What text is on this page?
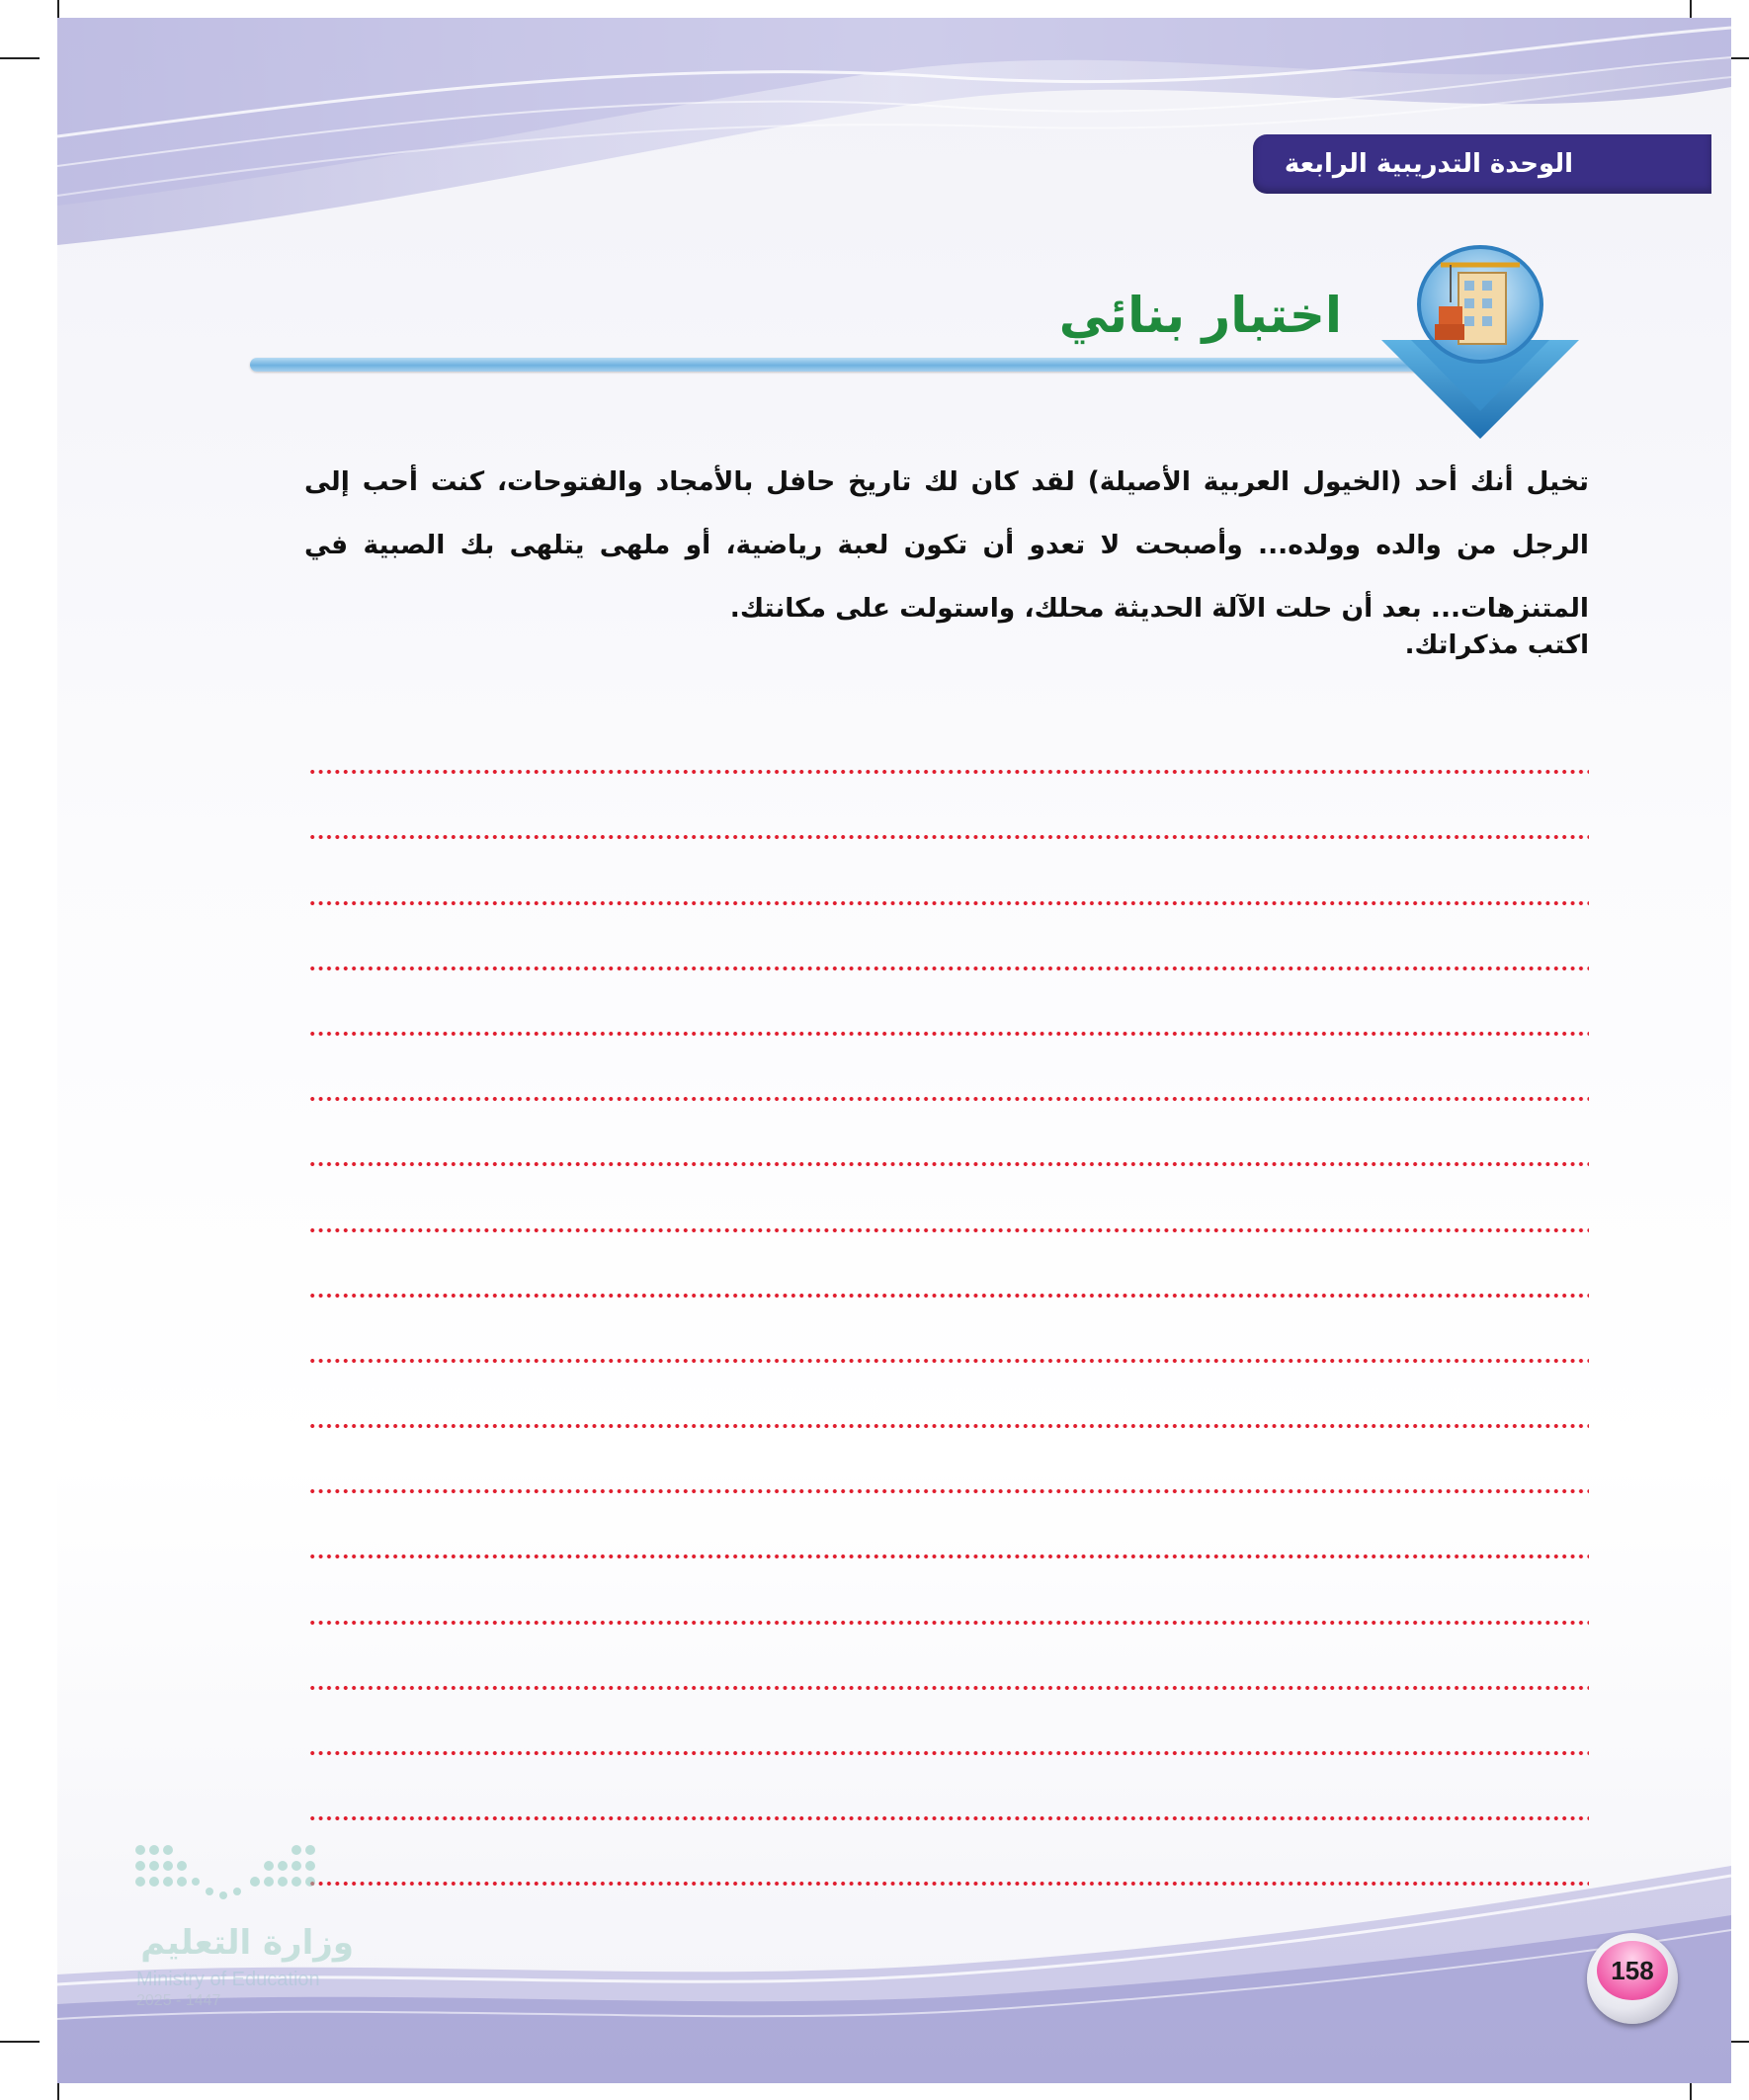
الوحدة التدريبية الرابعة
اختبار بنائي
تخيل أنك أحد (الخيول العربية الأصيلة) لقد كان لك تاريخ حافل بالأمجاد والفتوحات، كنت أحب إلى الرجل من والده وولده... وأصبحت لا تعدو أن تكون لعبة رياضية، أو ملهى يتلهى بك الصبية في المتنزهات... بعد أن حلت الآلة الحديثة محلك، واستولت على مكانتك.
اكتب مذكراتك.
وزارة التعليم
Ministry of Education
2025 - 1447
158
